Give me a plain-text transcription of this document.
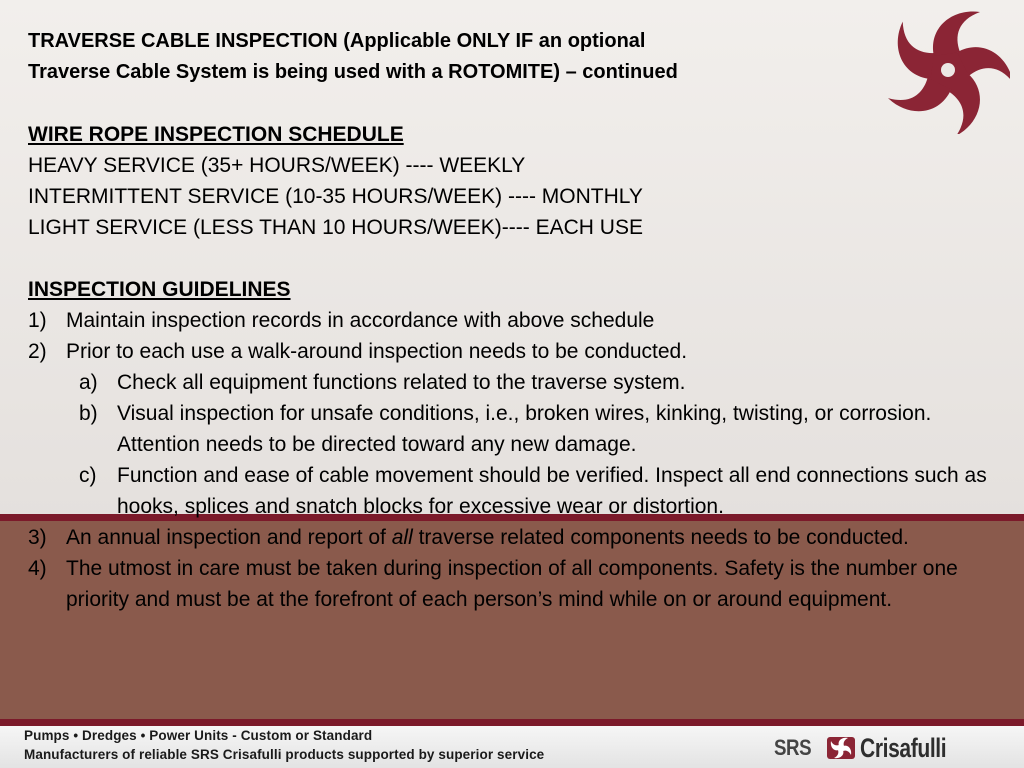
TRAVERSE CABLE INSPECTION (Applicable ONLY IF an optional
Traverse Cable System is being used with a ROTOMITE) – continued
WIRE ROPE INSPECTION SCHEDULE
HEAVY SERVICE (35+ HOURS/WEEK) ---- WEEKLY
INTERMITTENT SERVICE (10-35 HOURS/WEEK) ---- MONTHLY
LIGHT SERVICE (LESS THAN 10 HOURS/WEEK)---- EACH USE
INSPECTION GUIDELINES
1) Maintain inspection records in accordance with above schedule
2) Prior to each use a walk-around inspection needs to be conducted.
a) Check all equipment functions related to the traverse system.
b) Visual inspection for unsafe conditions, i.e., broken wires, kinking, twisting, or corrosion. Attention needs to be directed toward any new damage.
c) Function and ease of cable movement should be verified. Inspect all end connections such as hooks, splices and snatch blocks for excessive wear or distortion.
3) An annual inspection and report of all traverse related components needs to be conducted.
4) The utmost in care must be taken during inspection of all components. Safety is the number one priority and must be at the forefront of each person’s mind while on or around equipment.
Pumps • Dredges • Power Units - Custom or Standard
Manufacturers of reliable SRS Crisafulli products supported by superior service	SRS Crisafulli
